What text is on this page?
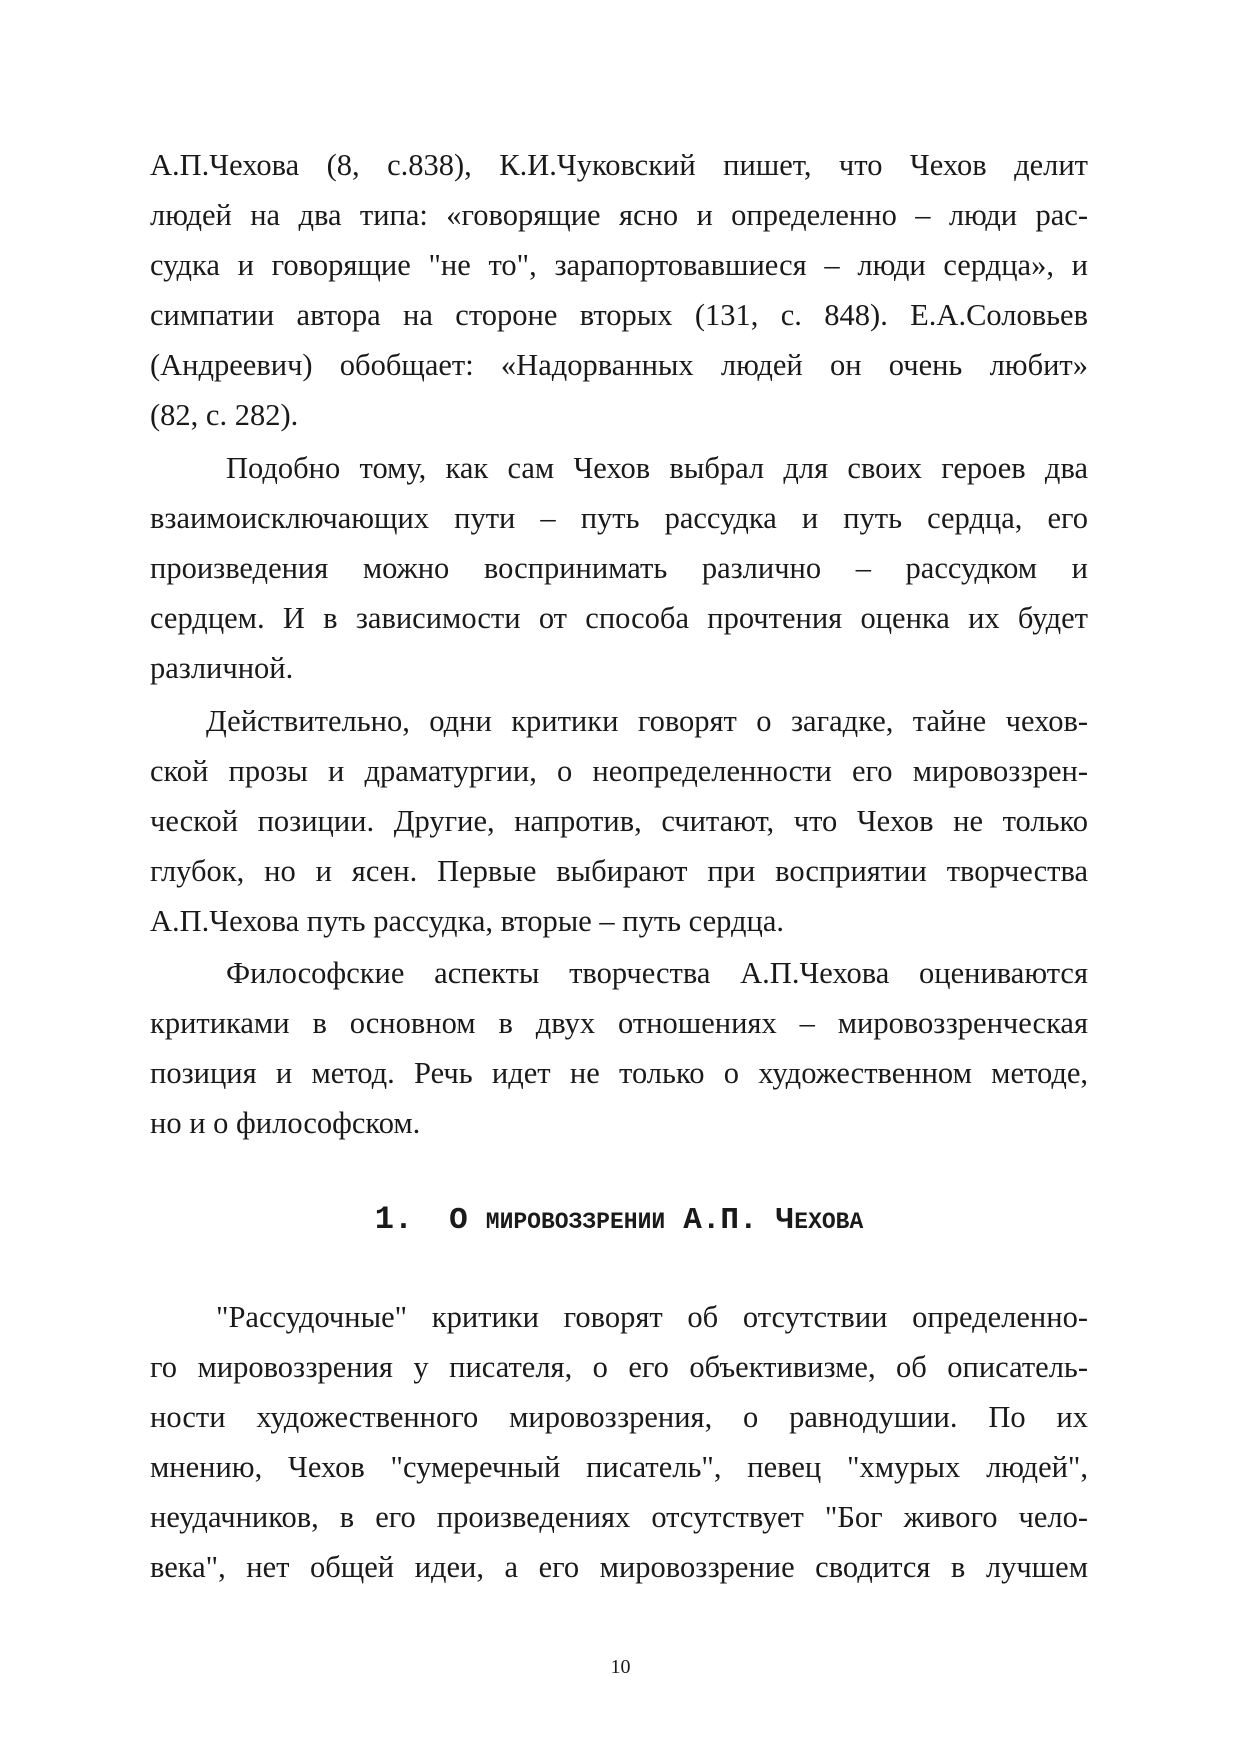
А.П.Чехова (8, с.838), К.И.Чуковский пишет, что Чехов делит
людей на два типа: «говорящие ясно и определенно – люди рас-
судка и говорящие "не то", зарапортовавшиеся – люди сердца», и
симпатии автора на стороне вторых (131, с. 848). Е.А.Соловьев
(Андреевич) обобщает: «Надорванных людей он очень любит»
(82, с. 282).
Подобно тому, как сам Чехов выбрал для своих героев два
взаимоисключающих пути – путь рассудка и путь сердца, его
произведения можно воспринимать различно – рассудком и
сердцем. И в зависимости от способа прочтения оценка их будет
различной.
Действительно, одни критики говорят о загадке, тайне чехов-
ской прозы и драматургии, о неопределенности его мировоззрен-
ческой позиции. Другие, напротив, считают, что Чехов не только
глубок, но и ясен. Первые выбирают при восприятии творчества
А.П.Чехова путь рассудка, вторые – путь сердца.
Философские аспекты творчества А.П.Чехова оцениваются
критиками в основном в двух отношениях – мировоззренческая
позиция и метод. Речь идет не только о художественном методе,
но и о философском.
1. О МИРОВОЗЗРЕНИИ А.П. ЧЕХОВА
"Рассудочные" критики говорят об отсутствии определенно-
го мировоззрения у писателя, о его объективизме, об описатель-
ности художественного мировоззрения, о равнодушии. По их
мнению, Чехов "сумеречный писатель", певец "хмурых людей",
неудачников, в его произведениях отсутствует "Бог живого чело-
века", нет общей идеи, а его мировоззрение сводится в лучшем
10
